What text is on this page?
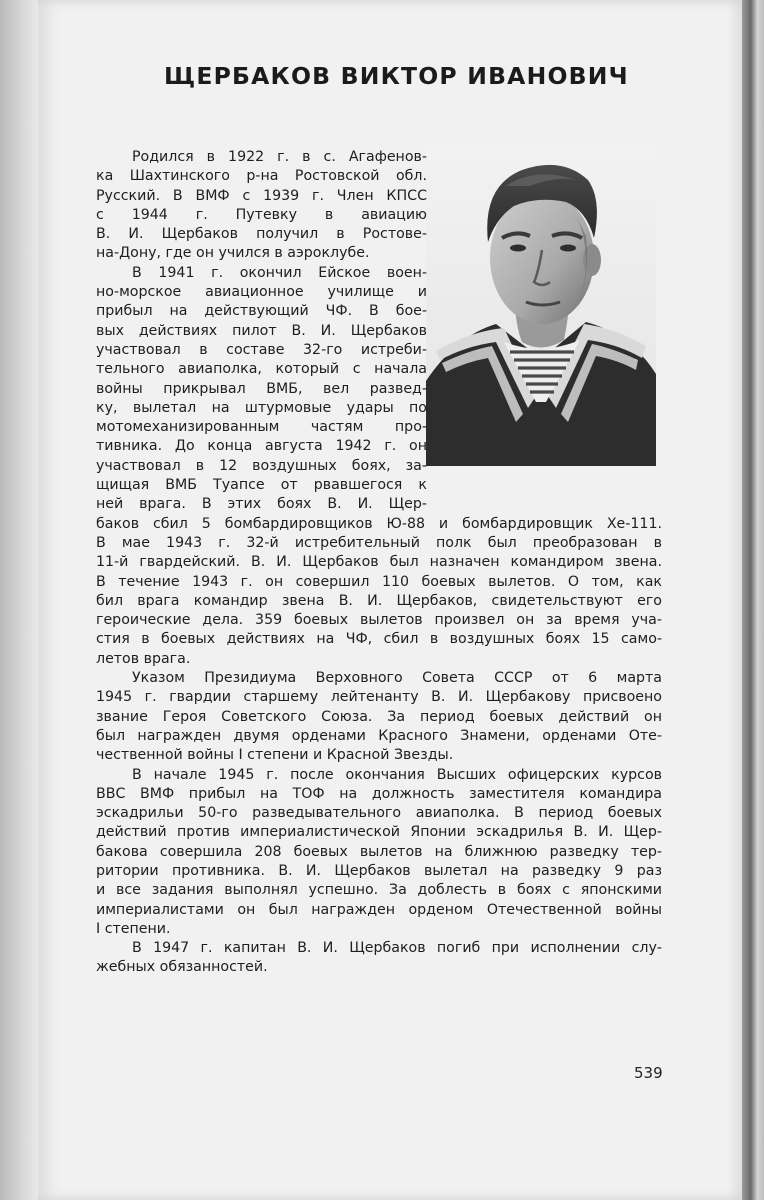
ЩЕРБАКОВ ВИКТОР ИВАНОВИЧ

Родился в 1922 г. в с. Агафенов-
ка Шахтинского р-на Ростовской обл.
Русский. В ВМФ с 1939 г. Член КПСС
с 1944 г. Путевку в авиацию
В. И. Щербаков получил в Ростове-
на-Дону, где он учился в аэроклубе.

В 1941 г. окончил Ейское воен-
но-морское авиационное училище и
прибыл на действующий ЧФ. В бое-
вых действиях пилот В. И. Щербаков
участвовал в составе 32-го истреби-
тельного авиаполка, который с начала
войны прикрывал ВМБ, вел развед-
ку, вылетал на штурмовые удары по
мотомеханизированным частям про-
тивника. До конца августа 1942 г. он
участвовал в 12 воздушных боях, за-
щищая ВМБ Туапсе от рвавшегося к
ней врага. В этих боях В. И. Щер-

баков сбил 5 бомбардировщиков Ю-88 и бомбардировщик Хе-111.
В мае 1943 г. 32-й истребительный полк был преобразован в
11-й гвардейский. В. И. Щербаков был назначен командиром звена.
В течение 1943 г. он совершил 110 боевых вылетов. О том, как
бил врага командир звена В. И. Щербаков, свидетельствуют его
героические дела. 359 боевых вылетов произвел он за время уча-
стия в боевых действиях на ЧФ, сбил в воздушных боях 15 само-
летов врага.

Указом Президиума Верховного Совета СССР от 6 марта
1945 г. гвардии старшему лейтенанту В. И. Щербакову присвоено
звание Героя Советского Союза. За период боевых действий он
был награжден двумя орденами Красного Знамени, орденами Оте-
чественной войны I степени и Красной Звезды.

В начале 1945 г. после окончания Высших офицерских курсов
ВВС ВМФ прибыл на ТОФ на должность заместителя командира
эскадрильи 50-го разведывательного авиаполка. В период боевых
действий против империалистической Японии эскадрилья В. И. Щер-
бакова совершила 208 боевых вылетов на ближнюю разведку тер-
ритории противника. В. И. Щербаков вылетал на разведку 9 раз
и все задания выполнял успешно. За доблесть в боях с японскими
империалистами он был награжден орденом Отечественной войны
I степени.

В 1947 г. капитан В. И. Щербаков погиб при исполнении слу-
жебных обязанностей.

539
